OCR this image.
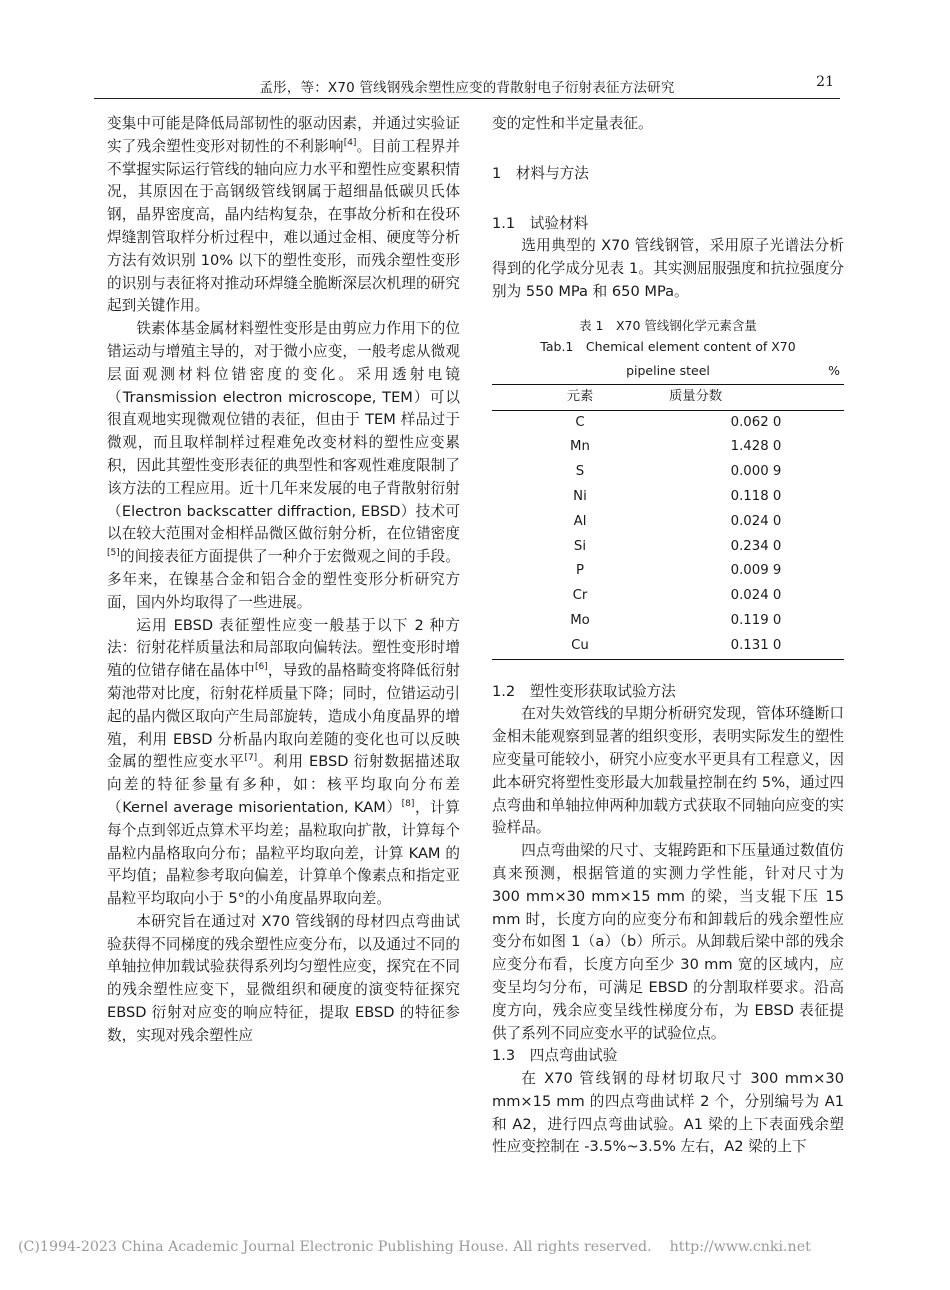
孟彤，等：X70 管线钢残余塑性应变的背散射电子衍射表征方法研究	21

变集中可能是降低局部韧性的驱动因素，并通过实验证实了残余塑性变形对韧性的不利影响[4]。目前工程界并不掌握实际运行管线的轴向应力水平和塑性应变累积情况，其原因在于高钢级管线钢属于超细晶低碳贝氏体钢，晶界密度高，晶内结构复杂，在事故分析和在役环焊缝割管取样分析过程中，难以通过金相、硬度等分析方法有效识别 10% 以下的塑性变形，而残余塑性变形的识别与表征将对推动环焊缝全脆断深层次机理的研究起到关键作用。

铁素体基金属材料塑性变形是由剪应力作用下的位错运动与增殖主导的，对于微小应变，一般考虑从微观层面观测材料位错密度的变化。采用透射电镜（Transmission electron microscope, TEM）可以很直观地实现微观位错的表征，但由于 TEM 样品过于微观，而且取样制样过程难免改变材料的塑性应变累积，因此其塑性变形表征的典型性和客观性难度限制了该方法的工程应用。近十几年来发展的电子背散射衍射（Electron backscatter diffraction, EBSD）技术可以在较大范围对金相样品微区做衍射分析，在位错密度[5]的间接表征方面提供了一种介于宏微观之间的手段。多年来，在镍基合金和铝合金的塑性变形分析研究方面，国内外均取得了一些进展。

运用 EBSD 表征塑性应变一般基于以下 2 种方法：衍射花样质量法和局部取向偏转法。塑性变形时增殖的位错存储在晶体中[6]，导致的晶格畸变将降低衍射菊池带对比度，衍射花样质量下降；同时，位错运动引起的晶内微区取向产生局部旋转，造成小角度晶界的增殖，利用 EBSD 分析晶内取向差随的变化也可以反映金属的塑性应变水平[7]。利用 EBSD 衍射数据描述取向差的特征参量有多种，如：核平均取向分布差（Kernel average misorientation, KAM）[8]，计算每个点到邻近点算术平均差；晶粒取向扩散，计算每个晶粒内晶格取向分布；晶粒平均取向差，计算 KAM 的平均值；晶粒参考取向偏差，计算单个像素点和指定亚晶粒平均取向小于 5°的小角度晶界取向差。

本研究旨在通过对 X70 管线钢的母材四点弯曲试验获得不同梯度的残余塑性应变分布，以及通过不同的单轴拉伸加载试验获得系列均匀塑性应变，探究在不同的残余塑性应变下，显微组织和硬度的演变特征探究 EBSD 衍射对应变的响应特征，提取 EBSD 的特征参数，实现对残余塑性应

变的定性和半定量表征。

1　材料与方法

1.1　试验材料

选用典型的 X70 管线钢管，采用原子光谱法分析得到的化学成分见表 1。其实测屈服强度和抗拉强度分别为 550 MPa 和 650 MPa。

表 1　X70 管线钢化学元素含量
Tab.1　Chemical element content of X70
pipeline steel	%
元素	质量分数
C	0.062 0
Mn	1.428 0
S	0.000 9
Ni	0.118 0
Al	0.024 0
Si	0.234 0
P	0.009 9
Cr	0.024 0
Mo	0.119 0
Cu	0.131 0

1.2　塑性变形获取试验方法

在对失效管线的早期分析研究发现，管体环缝断口金相未能观察到显著的组织变形，表明实际发生的塑性应变量可能较小，研究小应变水平更具有工程意义，因此本研究将塑性变形最大加载量控制在约 5%，通过四点弯曲和单轴拉伸两种加载方式获取不同轴向应变的实验样品。

四点弯曲梁的尺寸、支辊跨距和下压量通过数值仿真来预测，根据管道的实测力学性能，针对尺寸为 300 mm×30 mm×15 mm 的梁，当支辊下压 15 mm 时，长度方向的应变分布和卸载后的残余塑性应变分布如图 1（a）（b）所示。从卸载后梁中部的残余应变分布看，长度方向至少 30 mm 宽的区域内，应变呈均匀分布，可满足 EBSD 的分割取样要求。沿高度方向，残余应变呈线性梯度分布，为 EBSD 表征提供了系列不同应变水平的试验位点。

1.3　四点弯曲试验

在 X70 管线钢的母材切取尺寸 300 mm×30 mm×15 mm 的四点弯曲试样 2 个，分别编号为 A1 和 A2，进行四点弯曲试验。A1 梁的上下表面残余塑性应变控制在 -3.5%~3.5% 左右，A2 梁的上下

(C)1994-2023 China Academic Journal Electronic Publishing House. All rights reserved. http://www.cnki.net
